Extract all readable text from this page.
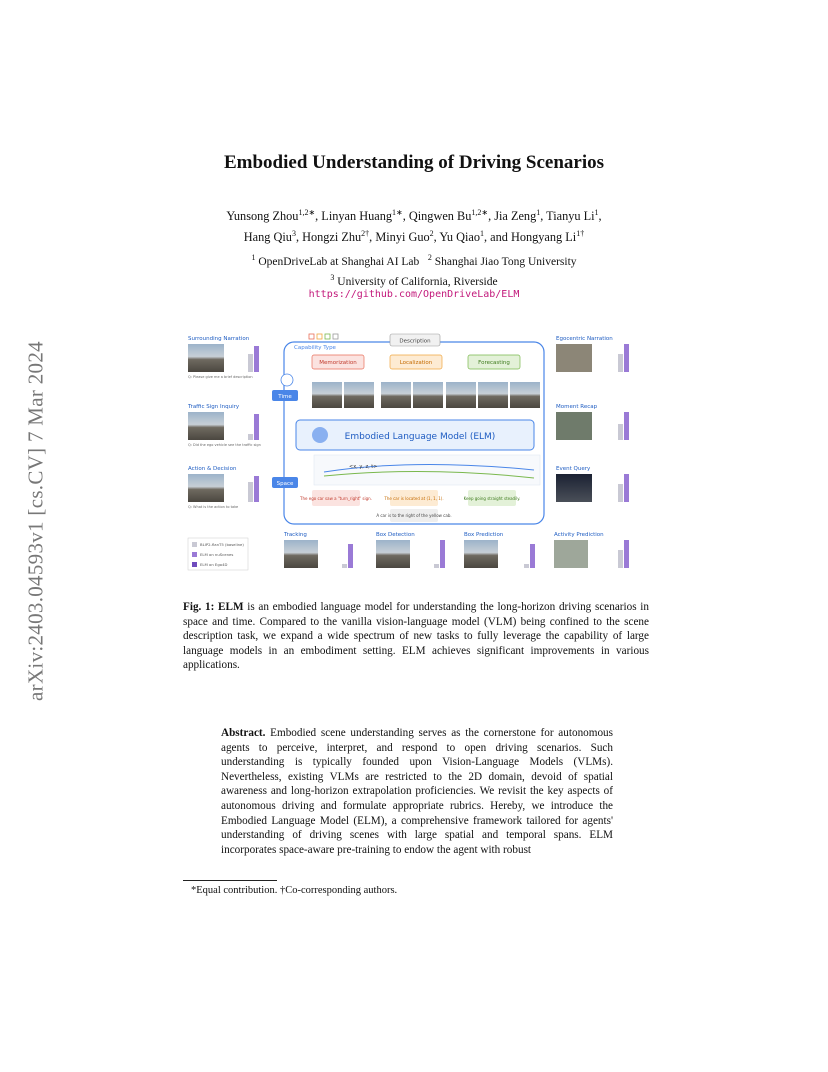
arXiv:2403.04593v1 [cs.CV] 7 Mar 2024
Embodied Understanding of Driving Scenarios
Yunsong Zhou$^{1,2∗}$, Linyan Huang$^{1∗}$, Qingwen $Bu^{1,2∗}$, Jia Zeng$^1$, Tianyu Li$^1$,
Hang Qiu$^3$, Hongzi Zhu$^{2\dagger}$, Minyi Guo$^2$, Yu Qiao$^1$, and Hongyang $Li^{1\dagger}$
$^1$ OpenDriveLab at Shanghai AI Lab   $^2$ Shanghai Jiao Tong University
$^3$ University of California, Riverside
https://github.com/OpenDriveLab/ELM
Capability Type
Description
Memorization	Localization	Forecasting
Time
Embodied Language Model (ELM)
Space
<x, y, z, t>
The ego car saw a "turn_right" sign.	The car is located at (1, 1, 1).	Keep going straight steadily.
A car is to the right of the yellow cab.
Surrounding Narration
Q: Please give me a brief description
Traffic Sign Inquiry
Q: Did the ego vehicle see the traffic sign
Action & Decision
Q: What is the action to take
Egocentric Narration
Moment Recap
Event Query
BLIP2-flanT5 (baseline)
ELM on nuScenes
ELM on Ego4D
Tracking	Box Detection	Box Prediction	Activity Prediction
Fig. 1: ELM is an embodied language model for understanding the long-horizon driving scenarios in space and time. Compared to the vanilla vision-language model (VLM) being confined to the scene description task, we expand a wide spectrum of new tasks to fully leverage the capability of large language models in an embodiment setting. ELM achieves significant improvements in various applications.
Abstract. Embodied scene understanding serves as the cornerstone for autonomous agents to perceive, interpret, and respond to open driving scenarios. Such understanding is typically founded upon Vision-Language Models (VLMs). Nevertheless, existing VLMs are restricted to the 2D domain, devoid of spatial awareness and long-horizon extrapolation proficiencies. We revisit the key aspects of autonomous driving and formulate appropriate rubrics. Hereby, we introduce the Embodied Language Model (ELM), a comprehensive framework tailored for agents' understanding of driving scenes with large spatial and temporal spans. ELM incorporates space-aware pre-training to endow the agent with robust
*Equal contribution. †Co-corresponding authors.
